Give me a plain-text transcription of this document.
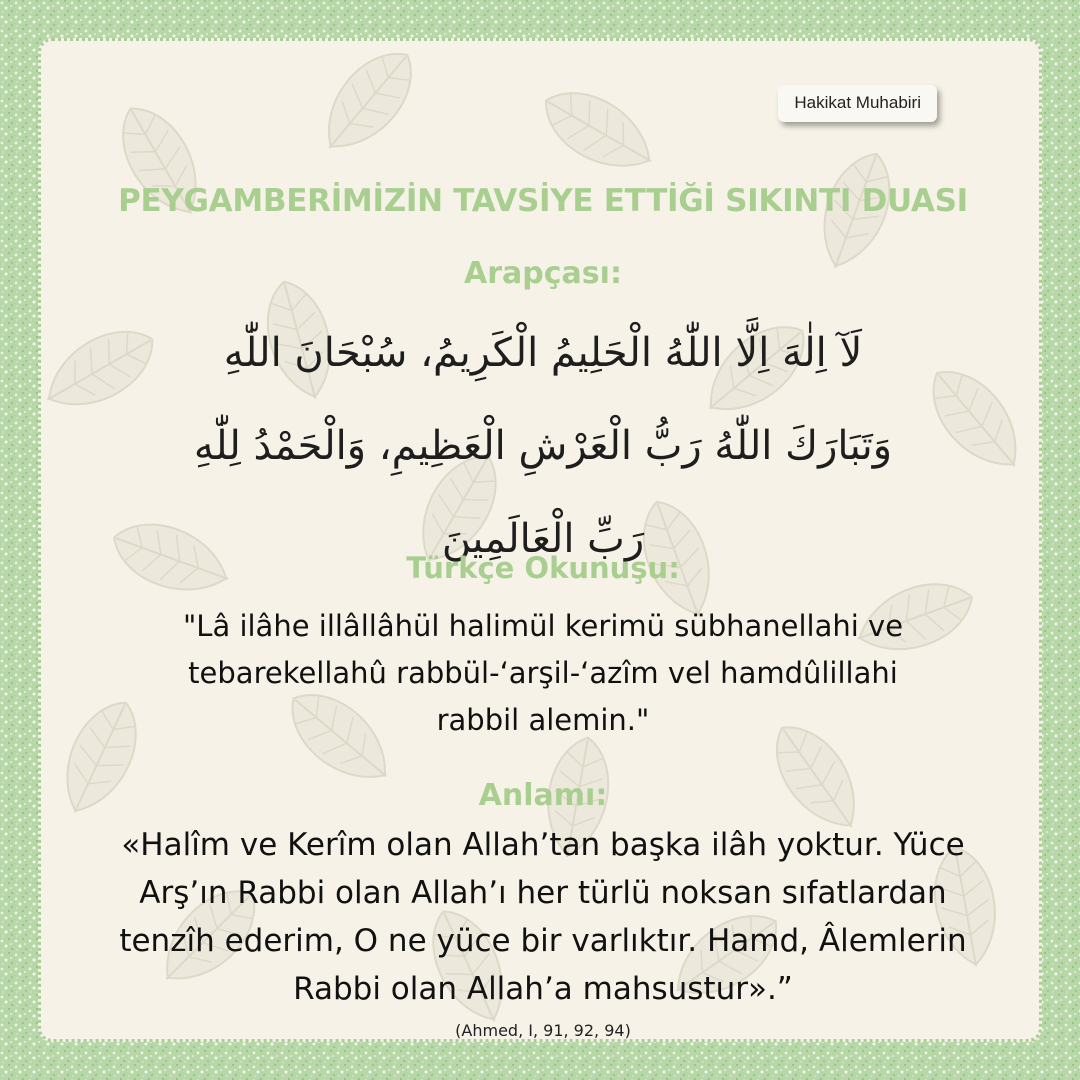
Hakikat Muhabiri
PEYGAMBERİMİZİN TAVSİYE ETTİĞİ SIKINTI DUASI
Arapçası:
لَآ اِلٰهَ اِلَّا اللّٰهُ الْحَلِيمُ الْكَرِيمُ، سُبْحَانَ اللّٰهِ
وَتَبَارَكَ اللّٰهُ رَبُّ الْعَرْشِ الْعَظِيمِ، وَالْحَمْدُ لِلّٰهِ
رَبِّ الْعَالَمِينَ
Türkçe Okunuşu:
"Lâ ilâhe illâllâhül halimül kerimü sübhanellahi ve
tebarekellahû rabbül-‘arşil-‘azîm vel hamdûlillahi
rabbil alemin."
Anlamı:
«Halîm ve Kerîm olan Allah’tan başka ilâh yoktur. Yüce
Arş’ın Rabbi olan Allah’ı her türlü noksan sıfatlardan
tenzîh ederim, O ne yüce bir varlıktır. Hamd, Âlemlerin
Rabbi olan Allah’a mahsustur».”
(Ahmed, I, 91, 92, 94)
